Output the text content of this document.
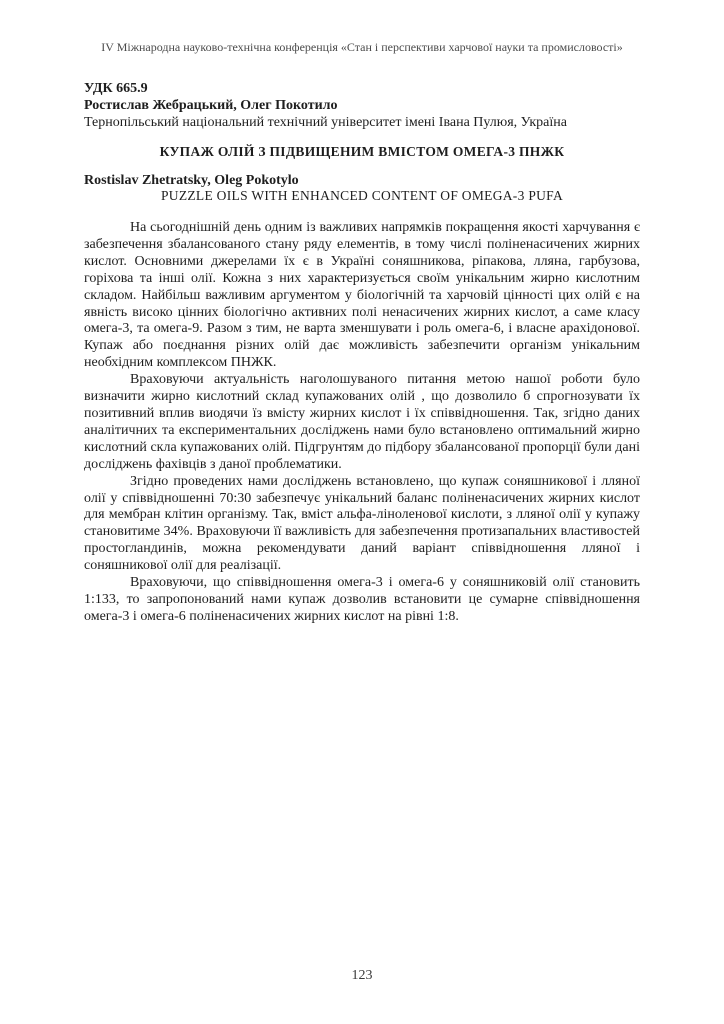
IV Міжнародна науково-технічна конференція «Стан і перспективи харчової науки та промисловості»
УДК 665.9
Ростислав Жебрацький, Олег Покотило
Тернопільський національний технічний університет імені Івана Пулюя, Україна
КУПАЖ ОЛІЙ З ПІДВИЩЕНИМ ВМІСТОМ ОМЕГА-3 ПНЖК
Rostislav Zhetratsky, Oleg Pokotylo
PUZZLE OILS WITH ENHANCED CONTENT OF OMEGA-3 PUFA

На сьогоднішній день одним із важливих напрямків покращення якості харчування є забезпечення збалансованого стану ряду елементів, в тому числі поліненасичених жирних кислот. Основними джерелами їх є в Україні соняшникова, ріпакова, лляна, гарбузова, горіхова та інші олії. Кожна з них характеризується своїм унікальним жирно кислотним складом. Найбільш важливим аргументом у біологічній та харчовій цінності цих олій є на явність високо цінних біологічно активних полі ненасичених жирних кислот, а саме класу омега-3, та омега-9. Разом з тим, не варта зменшувати і роль омега-6, і власне арахідонової. Купаж або поєднання різних олій дає можливість забезпечити організм унікальним необхідним комплексом ПНЖК.

Враховуючи актуальність наголошуваного питання метою нашої роботи було визначити жирно кислотний склад купажованих олій , що дозволило б спрогнозувати їх позитивний вплив виодячи їз вмісту жирних кислот і їх співвідношення. Так, згідно даних аналітичних та експериментальних досліджень нами було встановлено оптимальний жирно кислотний скла купажованих олій. Підгрунтям до підбору збалансованої пропорції були дані досліджень фахівців з даної проблематики.

Згідно проведених нами досліджень встановлено, що купаж соняшникової і лляної олії у співвідношенні 70:30 забезпечує унікальний баланс поліненасичених жирних кислот для мембран клітин організму. Так, вміст альфа-ліноленової кислоти, з лляної олії у купажу становитиме 34%. Враховуючи її важливість для забезпечення протизапальних властивостей простогландинів, можна рекомендувати даний варіант співвідношення лляної і соняшникової олії для реалізації.

Враховуючи, що співвідношення омега-3 і омега-6 у соняшниковій олії становить 1:133, то запропонований нами купаж дозволив встановити це сумарне співвідношення омега-3 і омега-6 поліненасичених жирних кислот на рівні 1:8.

123
